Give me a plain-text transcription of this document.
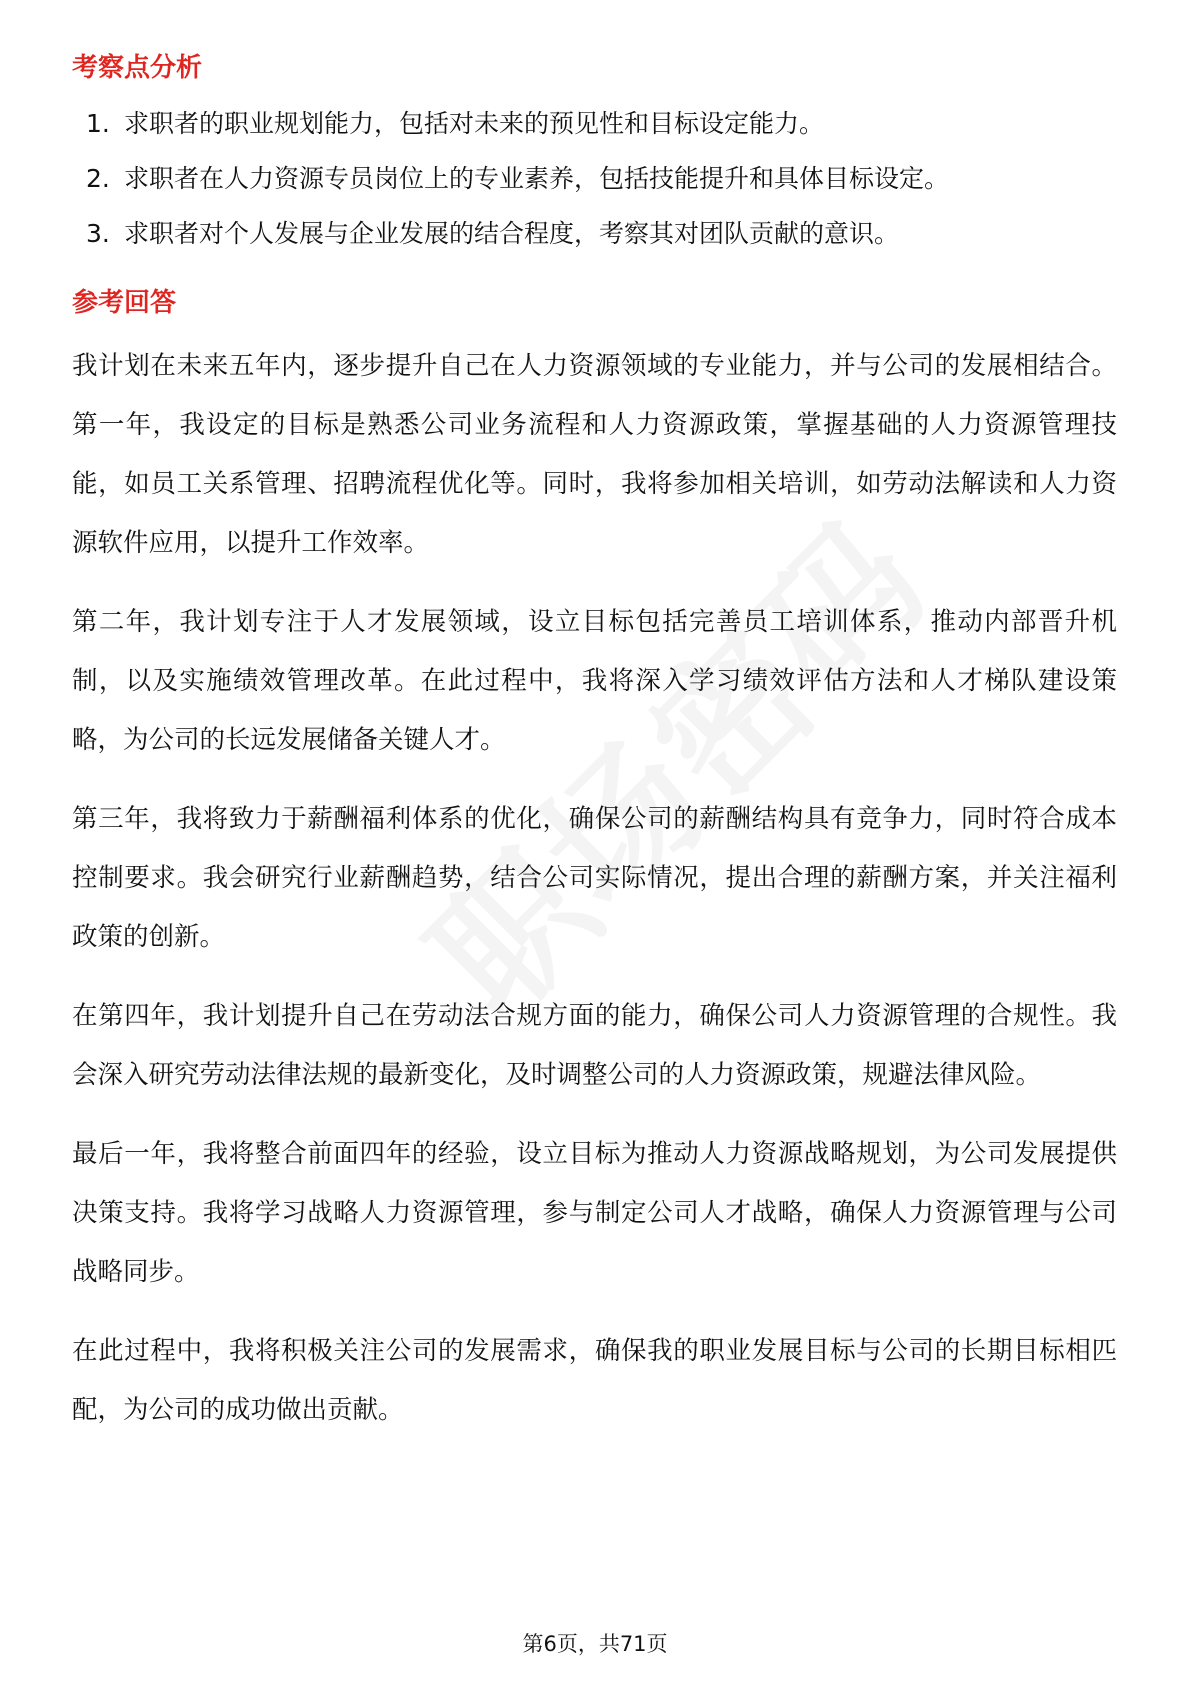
考察点分析
1. 求职者的职业规划能力，包括对未来的预见性和目标设定能力。
2. 求职者在人力资源专员岗位上的专业素养，包括技能提升和具体目标设定。
3. 求职者对个人发展与企业发展的结合程度，考察其对团队贡献的意识。
参考回答

我计划在未来五年内，逐步提升自己在人力资源领域的专业能力，并与公司的发展相结合。第一年，我设定的目标是熟悉公司业务流程和人力资源政策，掌握基础的人力资源管理技能，如员工关系管理、招聘流程优化等。同时，我将参加相关培训，如劳动法解读和人力资源软件应用，以提升工作效率。

第二年，我计划专注于人才发展领域，设立目标包括完善员工培训体系，推动内部晋升机制，以及实施绩效管理改革。在此过程中，我将深入学习绩效评估方法和人才梯队建设策略，为公司的长远发展储备关键人才。

第三年，我将致力于薪酬福利体系的优化，确保公司的薪酬结构具有竞争力，同时符合成本控制要求。我会研究行业薪酬趋势，结合公司实际情况，提出合理的薪酬方案，并关注福利政策的创新。

在第四年，我计划提升自己在劳动法合规方面的能力，确保公司人力资源管理的合规性。我会深入研究劳动法律法规的最新变化，及时调整公司的人力资源政策，规避法律风险。

最后一年，我将整合前面四年的经验，设立目标为推动人力资源战略规划，为公司发展提供决策支持。我将学习战略人力资源管理，参与制定公司人才战略，确保人力资源管理与公司战略同步。

在此过程中，我将积极关注公司的发展需求，确保我的职业发展目标与公司的长期目标相匹配，为公司的成功做出贡献。

第6页，共71页
